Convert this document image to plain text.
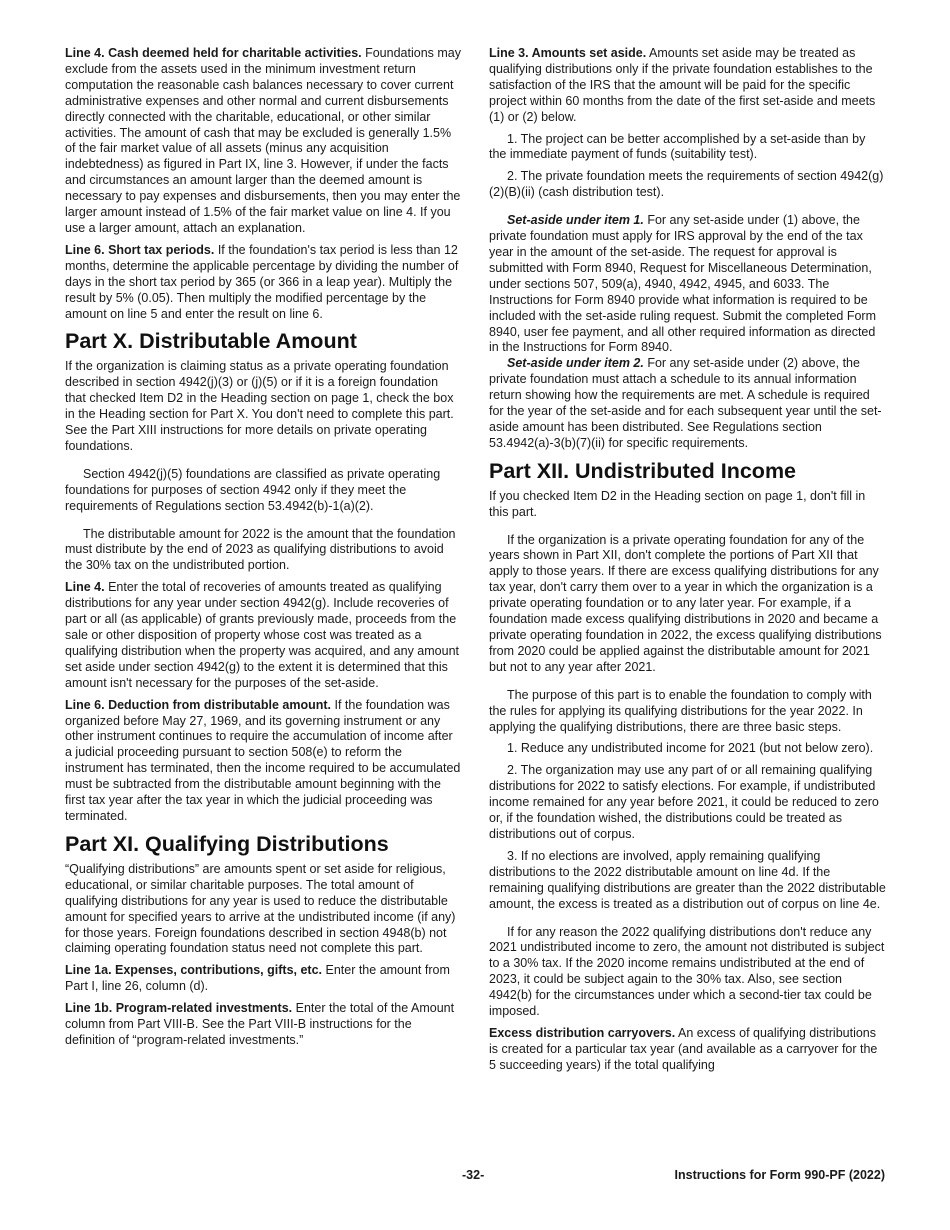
Line 4. Cash deemed held for charitable activities. Foundations may exclude from the assets used in the minimum investment return computation the reasonable cash balances necessary to cover current administrative expenses and other normal and current disbursements directly connected with the charitable, educational, or other similar activities. The amount of cash that may be excluded is generally 1.5% of the fair market value of all assets (minus any acquisition indebtedness) as figured in Part IX, line 3. However, if under the facts and circumstances an amount larger than the deemed amount is necessary to pay expenses and disbursements, then you may enter the larger amount instead of 1.5% of the fair market value on line 4. If you use a larger amount, attach an explanation.

Line 6. Short tax periods. If the foundation's tax period is less than 12 months, determine the applicable percentage by dividing the number of days in the short tax period by 365 (or 366 in a leap year). Multiply the result by 5% (0.05). Then multiply the modified percentage by the amount on line 5 and enter the result on line 6.

Part X. Distributable Amount

If the organization is claiming status as a private operating foundation described in section 4942(j)(3) or (j)(5) or if it is a foreign foundation that checked Item D2 in the Heading section on page 1, check the box in the Heading section for Part X. You don't need to complete this part. See the Part XIII instructions for more details on private operating foundations.

Section 4942(j)(5) foundations are classified as private operating foundations for purposes of section 4942 only if they meet the requirements of Regulations section 53.4942(b)-1(a)(2).

The distributable amount for 2022 is the amount that the foundation must distribute by the end of 2023 as qualifying distributions to avoid the 30% tax on the undistributed portion.

Line 4. Enter the total of recoveries of amounts treated as qualifying distributions for any year under section 4942(g). Include recoveries of part or all (as applicable) of grants previously made, proceeds from the sale or other disposition of property whose cost was treated as a qualifying distribution when the property was acquired, and any amount set aside under section 4942(g) to the extent it is determined that this amount isn't necessary for the purposes of the set-aside.

Line 6. Deduction from distributable amount. If the foundation was organized before May 27, 1969, and its governing instrument or any other instrument continues to require the accumulation of income after a judicial proceeding pursuant to section 508(e) to reform the instrument has terminated, then the income required to be accumulated must be subtracted from the distributable amount beginning with the first tax year after the tax year in which the judicial proceeding was terminated.

Part XI. Qualifying Distributions

“Qualifying distributions” are amounts spent or set aside for religious, educational, or similar charitable purposes. The total amount of qualifying distributions for any year is used to reduce the distributable amount for specified years to arrive at the undistributed income (if any) for those years. Foreign foundations described in section 4948(b) not claiming operating foundation status need not complete this part.

Line 1a. Expenses, contributions, gifts, etc. Enter the amount from Part I, line 26, column (d).

Line 1b. Program-related investments. Enter the total of the Amount column from Part VIII-B. See the Part VIII-B instructions for the definition of “program-related investments.”

Line 3. Amounts set aside. Amounts set aside may be treated as qualifying distributions only if the private foundation establishes to the satisfaction of the IRS that the amount will be paid for the specific project within 60 months from the date of the first set-aside and meets (1) or (2) below.

1. The project can be better accomplished by a set-aside than by the immediate payment of funds (suitability test).

2. The private foundation meets the requirements of section 4942(g)(2)(B)(ii) (cash distribution test).

Set-aside under item 1. For any set-aside under (1) above, the private foundation must apply for IRS approval by the end of the tax year in the amount of the set-aside. The request for approval is submitted with Form 8940, Request for Miscellaneous Determination, under sections 507, 509(a), 4940, 4942, 4945, and 6033. The Instructions for Form 8940 provide what information is required to be included with the set-aside ruling request. Submit the completed Form 8940, user fee payment, and all other required information as directed in the Instructions for Form 8940.

Set-aside under item 2. For any set-aside under (2) above, the private foundation must attach a schedule to its annual information return showing how the requirements are met. A schedule is required for the year of the set-aside and for each subsequent year until the set-aside amount has been distributed. See Regulations section 53.4942(a)-3(b)(7)(ii) for specific requirements.

Part XII. Undistributed Income

If you checked Item D2 in the Heading section on page 1, don't fill in this part.

If the organization is a private operating foundation for any of the years shown in Part XII, don't complete the portions of Part XII that apply to those years. If there are excess qualifying distributions for any tax year, don't carry them over to a year in which the organization is a private operating foundation or to any later year. For example, if a foundation made excess qualifying distributions in 2020 and became a private operating foundation in 2022, the excess qualifying distributions from 2020 could be applied against the distributable amount for 2021 but not to any year after 2021.

The purpose of this part is to enable the foundation to comply with the rules for applying its qualifying distributions for the year 2022. In applying the qualifying distributions, there are three basic steps.

1. Reduce any undistributed income for 2021 (but not below zero).

2. The organization may use any part of or all remaining qualifying distributions for 2022 to satisfy elections. For example, if undistributed income remained for any year before 2021, it could be reduced to zero or, if the foundation wished, the distributions could be treated as distributions out of corpus.

3. If no elections are involved, apply remaining qualifying distributions to the 2022 distributable amount on line 4d. If the remaining qualifying distributions are greater than the 2022 distributable amount, the excess is treated as a distribution out of corpus on line 4e.

If for any reason the 2022 qualifying distributions don't reduce any 2021 undistributed income to zero, the amount not distributed is subject to a 30% tax. If the 2020 income remains undistributed at the end of 2023, it could be subject again to the 30% tax. Also, see section 4942(b) for the circumstances under which a second-tier tax could be imposed.

Excess distribution carryovers. An excess of qualifying distributions is created for a particular tax year (and available as a carryover for the 5 succeeding years) if the total qualifying

-32-	Instructions for Form 990-PF (2022)
